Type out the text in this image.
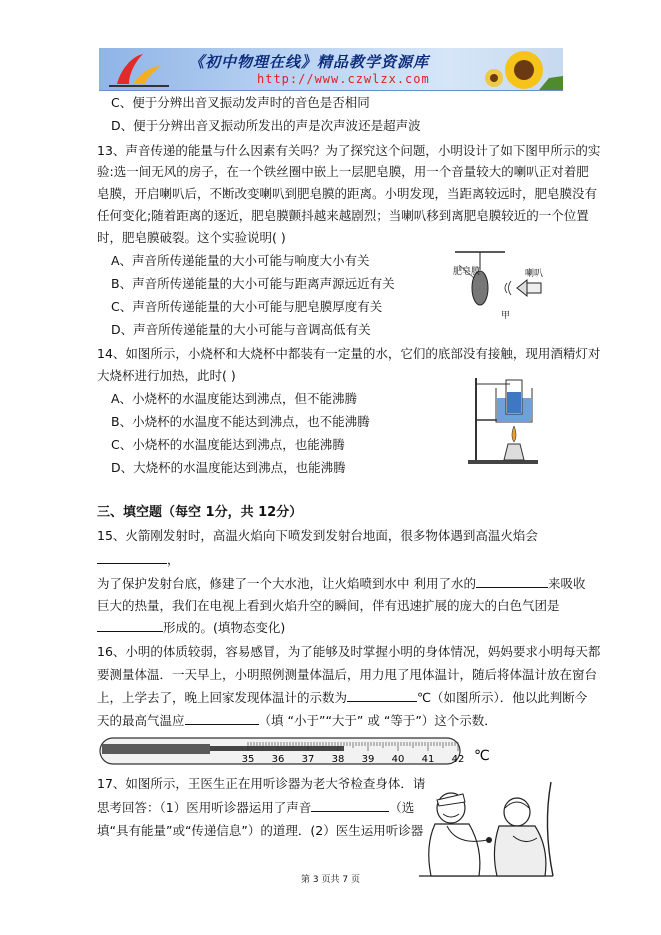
《初中物理在线》精品教学资源库
http://www.czwlzx.com
C、便于分辨出音叉振动发声时的音色是否相同
D、便于分辨出音叉振动所发出的声是次声波还是超声波
13、声音传递的能量与什么因素有关吗？为了探究这个问题，小明设计了如下图甲所示的实
验:选一间无风的房子，在一个铁丝圈中嵌上一层肥皂膜，用一个音量较大的喇叭正对着肥
皂膜，开启喇叭后，不断改变喇叭到肥皂膜的距离。小明发现，当距离较远时，肥皂膜没有
任何变化;随着距离的逐近，肥皂膜颤抖越来越剧烈；当喇叭移到离肥皂膜较近的一个位置
时，肥皂膜破裂。这个实验说明( )
A、声音所传递能量的大小可能与响度大小有关
B、声音所传递能量的大小可能与距离声源远近有关
C、声音所传递能量的大小可能与肥皂膜厚度有关
D、声音所传递能量的大小可能与音调高低有关
肥皂膜	喇叭
甲
14、如图所示，小烧杯和大烧杯中都装有一定量的水，它们的底部没有接触，现用酒精灯对
大烧杯进行加热，此时( )
A、小烧杯的水温度能达到沸点，但不能沸腾
B、小烧杯的水温度不能达到沸点，也不能沸腾
C、小烧杯的水温度能达到沸点，也能沸腾
D、大烧杯的水温度能达到沸点，也能沸腾
三、填空题（每空 1分，共 12分）
15、火箭刚发射时，高温火焰向下喷发到发射台地面，很多物体遇到高温火焰会
，
为了保护发射台底，修建了一个大水池，让火焰喷到水中 利用了水的	来吸收
巨大的热量，我们在电视上看到火焰升空的瞬间，伴有迅速扩展的庞大的白色气团是
形成的。(填物态变化)
16、小明的体质较弱，容易感冒，为了能够及时掌握小明的身体情况，妈妈要求小明每天都
要测量体温．一天早上，小明照例测量体温后，用力甩了甩体温计，随后将体温计放在窗台
上，上学去了，晚上回家发现体温计的示数为	℃（如图所示）．他以此判断今
天的最高气温应	（填 “小于”“大于” 或 “等于”）这个示数．
35 36 37 38 39 40 41 42 ℃
17、如图所示，王医生正在用听诊器为老大爷检查身体．请
思考回答：（1）医用听诊器运用了声音	（选
填“具有能量”或“传递信息”）的道理．(2）医生运用听诊器
第 3 页共 7 页
